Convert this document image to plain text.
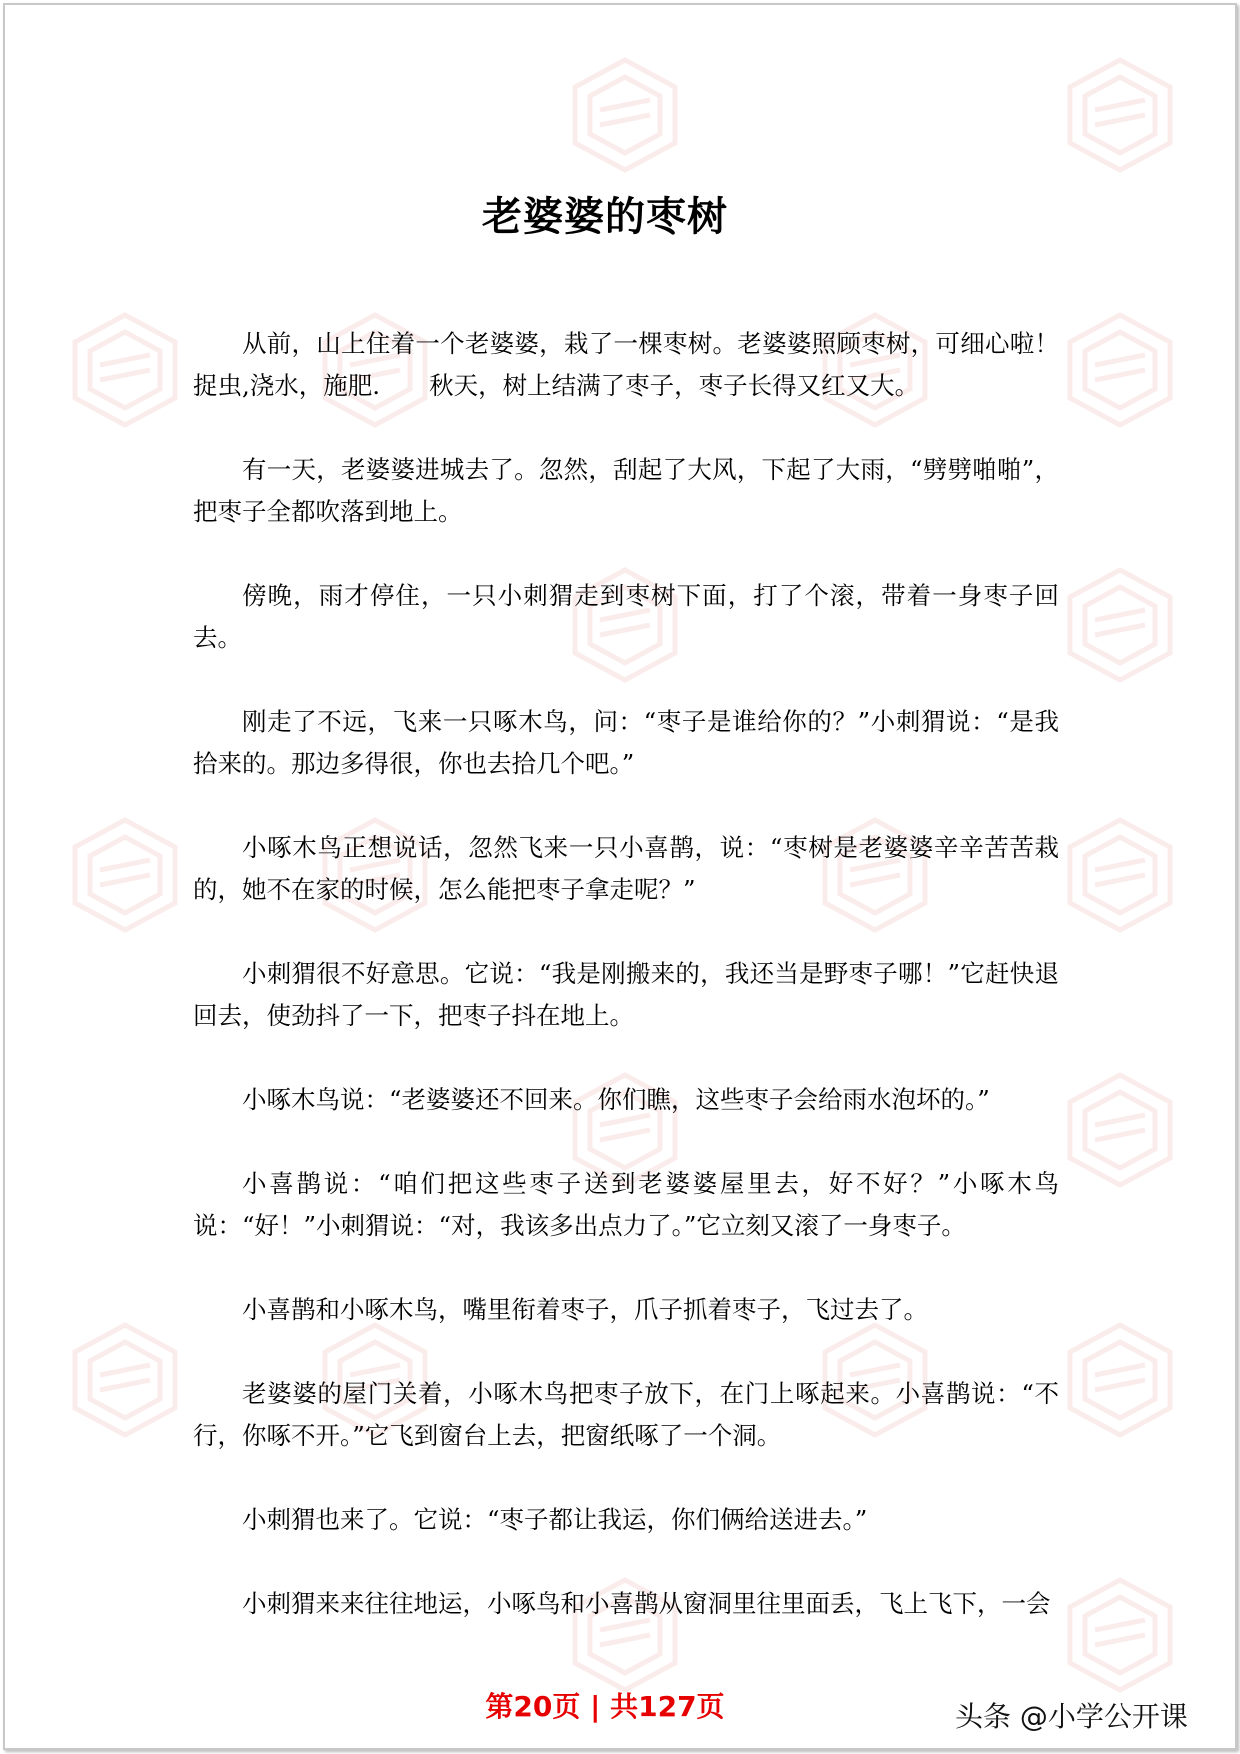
老婆婆的枣树

从前，山上住着一个老婆婆，栽了一棵枣树。老婆婆照顾枣树，可细心啦！捉虫,浇水，施肥.　　秋天，树上结满了枣子，枣子长得又红又大。

有一天，老婆婆进城去了。忽然，刮起了大风，下起了大雨，“劈劈啪啪”，把枣子全都吹落到地上。

傍晚，雨才停住，一只小刺猬走到枣树下面，打了个滚，带着一身枣子回去。

刚走了不远，飞来一只啄木鸟，问：“枣子是谁给你的？”小刺猬说：“是我拾来的。那边多得很，你也去拾几个吧。”

小啄木鸟正想说话，忽然飞来一只小喜鹊，说：“枣树是老婆婆辛辛苦苦栽的，她不在家的时候，怎么能把枣子拿走呢？”

小刺猬很不好意思。它说：“我是刚搬来的，我还当是野枣子哪！”它赶快退回去，使劲抖了一下，把枣子抖在地上。

小啄木鸟说：“老婆婆还不回来。你们瞧，这些枣子会给雨水泡坏的。”

小喜鹊说：“咱们把这些枣子送到老婆婆屋里去，好不好？”小啄木鸟说：“好！”小刺猬说：“对，我该多出点力了。”它立刻又滚了一身枣子。

小喜鹊和小啄木鸟，嘴里衔着枣子，爪子抓着枣子，飞过去了。

老婆婆的屋门关着，小啄木鸟把枣子放下，在门上啄起来。小喜鹊说：“不行，你啄不开。”它飞到窗台上去，把窗纸啄了一个洞。

小刺猬也来了。它说：“枣子都让我运，你们俩给送进去。”

小刺猬来来往往地运，小啄鸟和小喜鹊从窗洞里往里面丢，飞上飞下，一会

第20页 | 共127页	头条 @小学公开课
